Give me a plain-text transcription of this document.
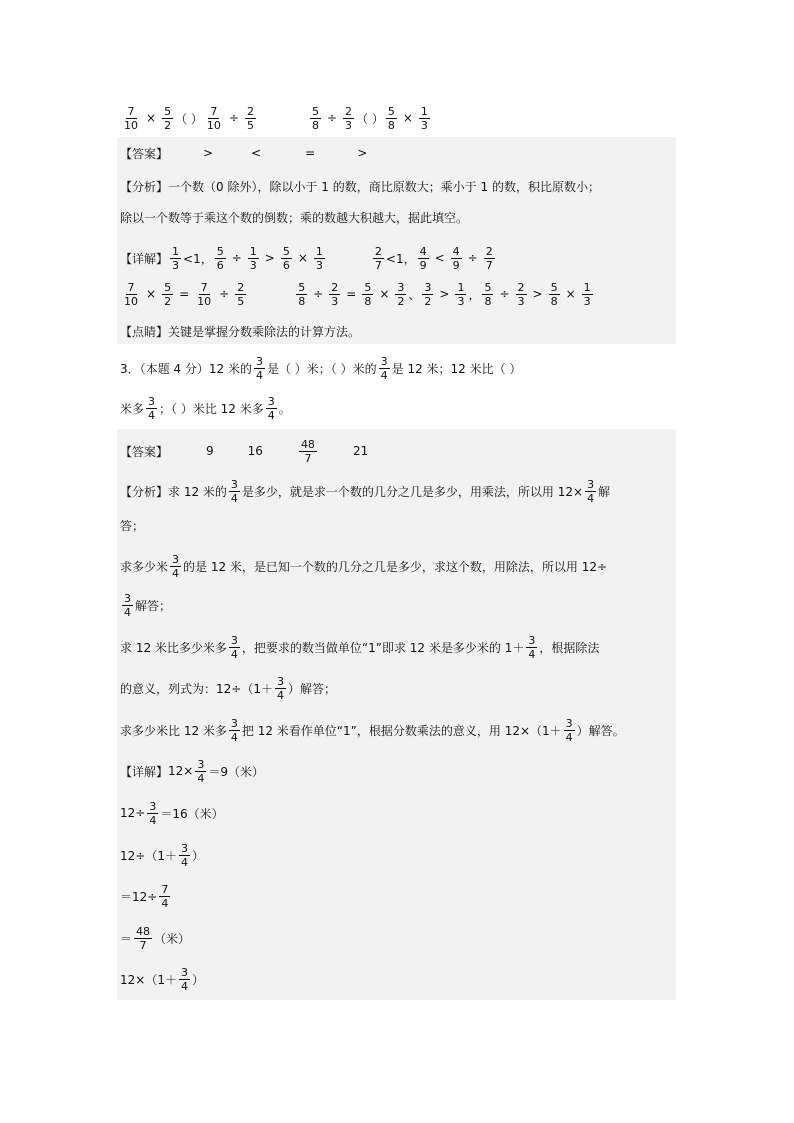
$\frac{7}{10} \times \frac{5}{2}$ （ ） $\frac{7}{10} \div \frac{2}{5}$	$\frac{5}{8} \div \frac{2}{3}$ （ ） $\frac{5}{8} \times \frac{1}{3}$
【答案】	>	<	=	>
【分析】 一个数（0 除外），除以小于 1 的数，商比原数大；乘小于 1 的数，积比原数小；
除以一个数等于乘这个数的倒数；乘的数越大积越大，据此填空。
【详解】 $\frac{1}{3} <1$， $\frac{5}{6} \div \frac{1}{3} > \frac{5}{6} \times \frac{1}{3}$	$\frac{2}{7} <1$， $\frac{4}{9} < \frac{4}{9} \div \frac{2}{7}$
$\frac{7}{10} \times \frac{5}{2} = \frac{7}{10} \div \frac{2}{5}$	$\frac{5}{8} \div \frac{2}{3} = \frac{5}{8} \times \frac{3}{2}$ 、 $\frac{3}{2} > \frac{1}{3}$ ， $\frac{5}{8} \div \frac{2}{3} > \frac{5}{8} \times \frac{1}{3}$
【点睛】 关键是掌握分数乘除法的计算方法。
3．（本题 4 分）12 米的 $\frac{3}{4}$ 是（ ）米；（ ）米的 $\frac{3}{4}$ 是 12 米；12 米比（ ）
米多 $\frac{3}{4}$ ；（ ）米比 12 米多 $\frac{3}{4}$ 。
【答案】	9	16	$\frac{48}{7}$	21
【分析】 求 12 米的 $\frac{3}{4}$ 是多少，就是求一个数的几分之几是多少，用乘法，所以用 $12\times \frac{3}{4}$ 解
答；
求多少米 $\frac{3}{4}$ 的是 12 米，是已知一个数的几分之几是多少，求这个数，用除法，所以用 12÷
$\frac{3}{4}$ 解答；
求 12 米比多少米多 $\frac{3}{4}$ ，把要求的数当做单位“1”即求 12 米是多少米的 $1+ \frac{3}{4}$ ，根据除法
的意义，列式为：$12\div(1+ \frac{3}{4}$ ）解答；
求多少米比 12 米多 $\frac{3}{4}$ 把 12 米看作单位“1”，根据分数乘法的意义，用 $12\times(1+ \frac{3}{4}$ ）解答。
【详解】 $12\times \frac{3}{4} =9$（米）
$12\div \frac{3}{4} =16$（米）
$12\div(1+ \frac{3}{4}$ ）
$=12\div \frac{7}{4}$
＝ $\frac{48}{7}$ （米）
$12\times(1+ \frac{3}{4}$ ）
